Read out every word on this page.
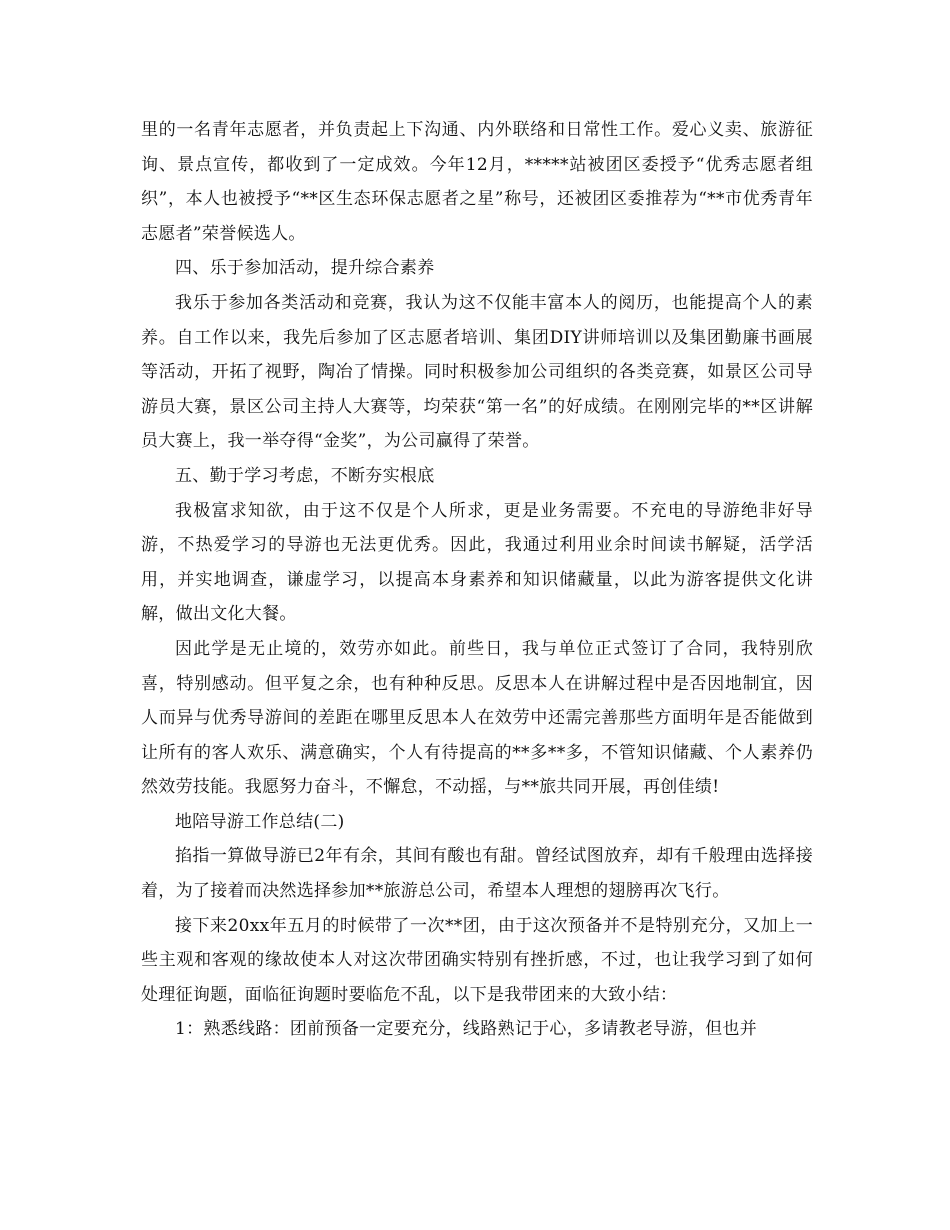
里的一名青年志愿者，并负责起上下沟通、内外联络和日常性工作。爱心义卖、旅游征询、景点宣传，都收到了一定成效。今年12月，*****站被团区委授予“优秀志愿者组织”，本人也被授予“**区生态环保志愿者之星”称号，还被团区委推荐为“**市优秀青年志愿者”荣誉候选人。

四、乐于参加活动，提升综合素养

我乐于参加各类活动和竞赛，我认为这不仅能丰富本人的阅历，也能提高个人的素养。自工作以来，我先后参加了区志愿者培训、集团DIY讲师培训以及集团勤廉书画展等活动，开拓了视野，陶冶了情操。同时积极参加公司组织的各类竞赛，如景区公司导游员大赛，景区公司主持人大赛等，均荣获“第一名”的好成绩。在刚刚完毕的**区讲解员大赛上，我一举夺得“金奖”，为公司赢得了荣誉。

五、勤于学习考虑，不断夯实根底

我极富求知欲，由于这不仅是个人所求，更是业务需要。不充电的导游绝非好导游，不热爱学习的导游也无法更优秀。因此，我通过利用业余时间读书解疑，活学活用，并实地调查，谦虚学习，以提高本身素养和知识储藏量，以此为游客提供文化讲解，做出文化大餐。

因此学是无止境的，效劳亦如此。前些日，我与单位正式签订了合同，我特别欣喜，特别感动。但平复之余，也有种种反思。反思本人在讲解过程中是否因地制宜，因人而异与优秀导游间的差距在哪里反思本人在效劳中还需完善那些方面明年是否能做到让所有的客人欢乐、满意确实，个人有待提高的**多**多，不管知识储藏、个人素养仍然效劳技能。我愿努力奋斗，不懈怠，不动摇，与**旅共同开展，再创佳绩!

地陪导游工作总结(二)

掐指一算做导游已2年有余，其间有酸也有甜。曾经试图放弃，却有千般理由选择接着，为了接着而决然选择参加**旅游总公司，希望本人理想的翅膀再次飞行。

接下来20xx年五月的时候带了一次**团，由于这次预备并不是特别充分，又加上一些主观和客观的缘故使本人对这次带团确实特别有挫折感，不过，也让我学习到了如何处理征询题，面临征询题时要临危不乱，以下是我带团来的大致小结：

1：熟悉线路：团前预备一定要充分，线路熟记于心，多请教老导游，但也并
